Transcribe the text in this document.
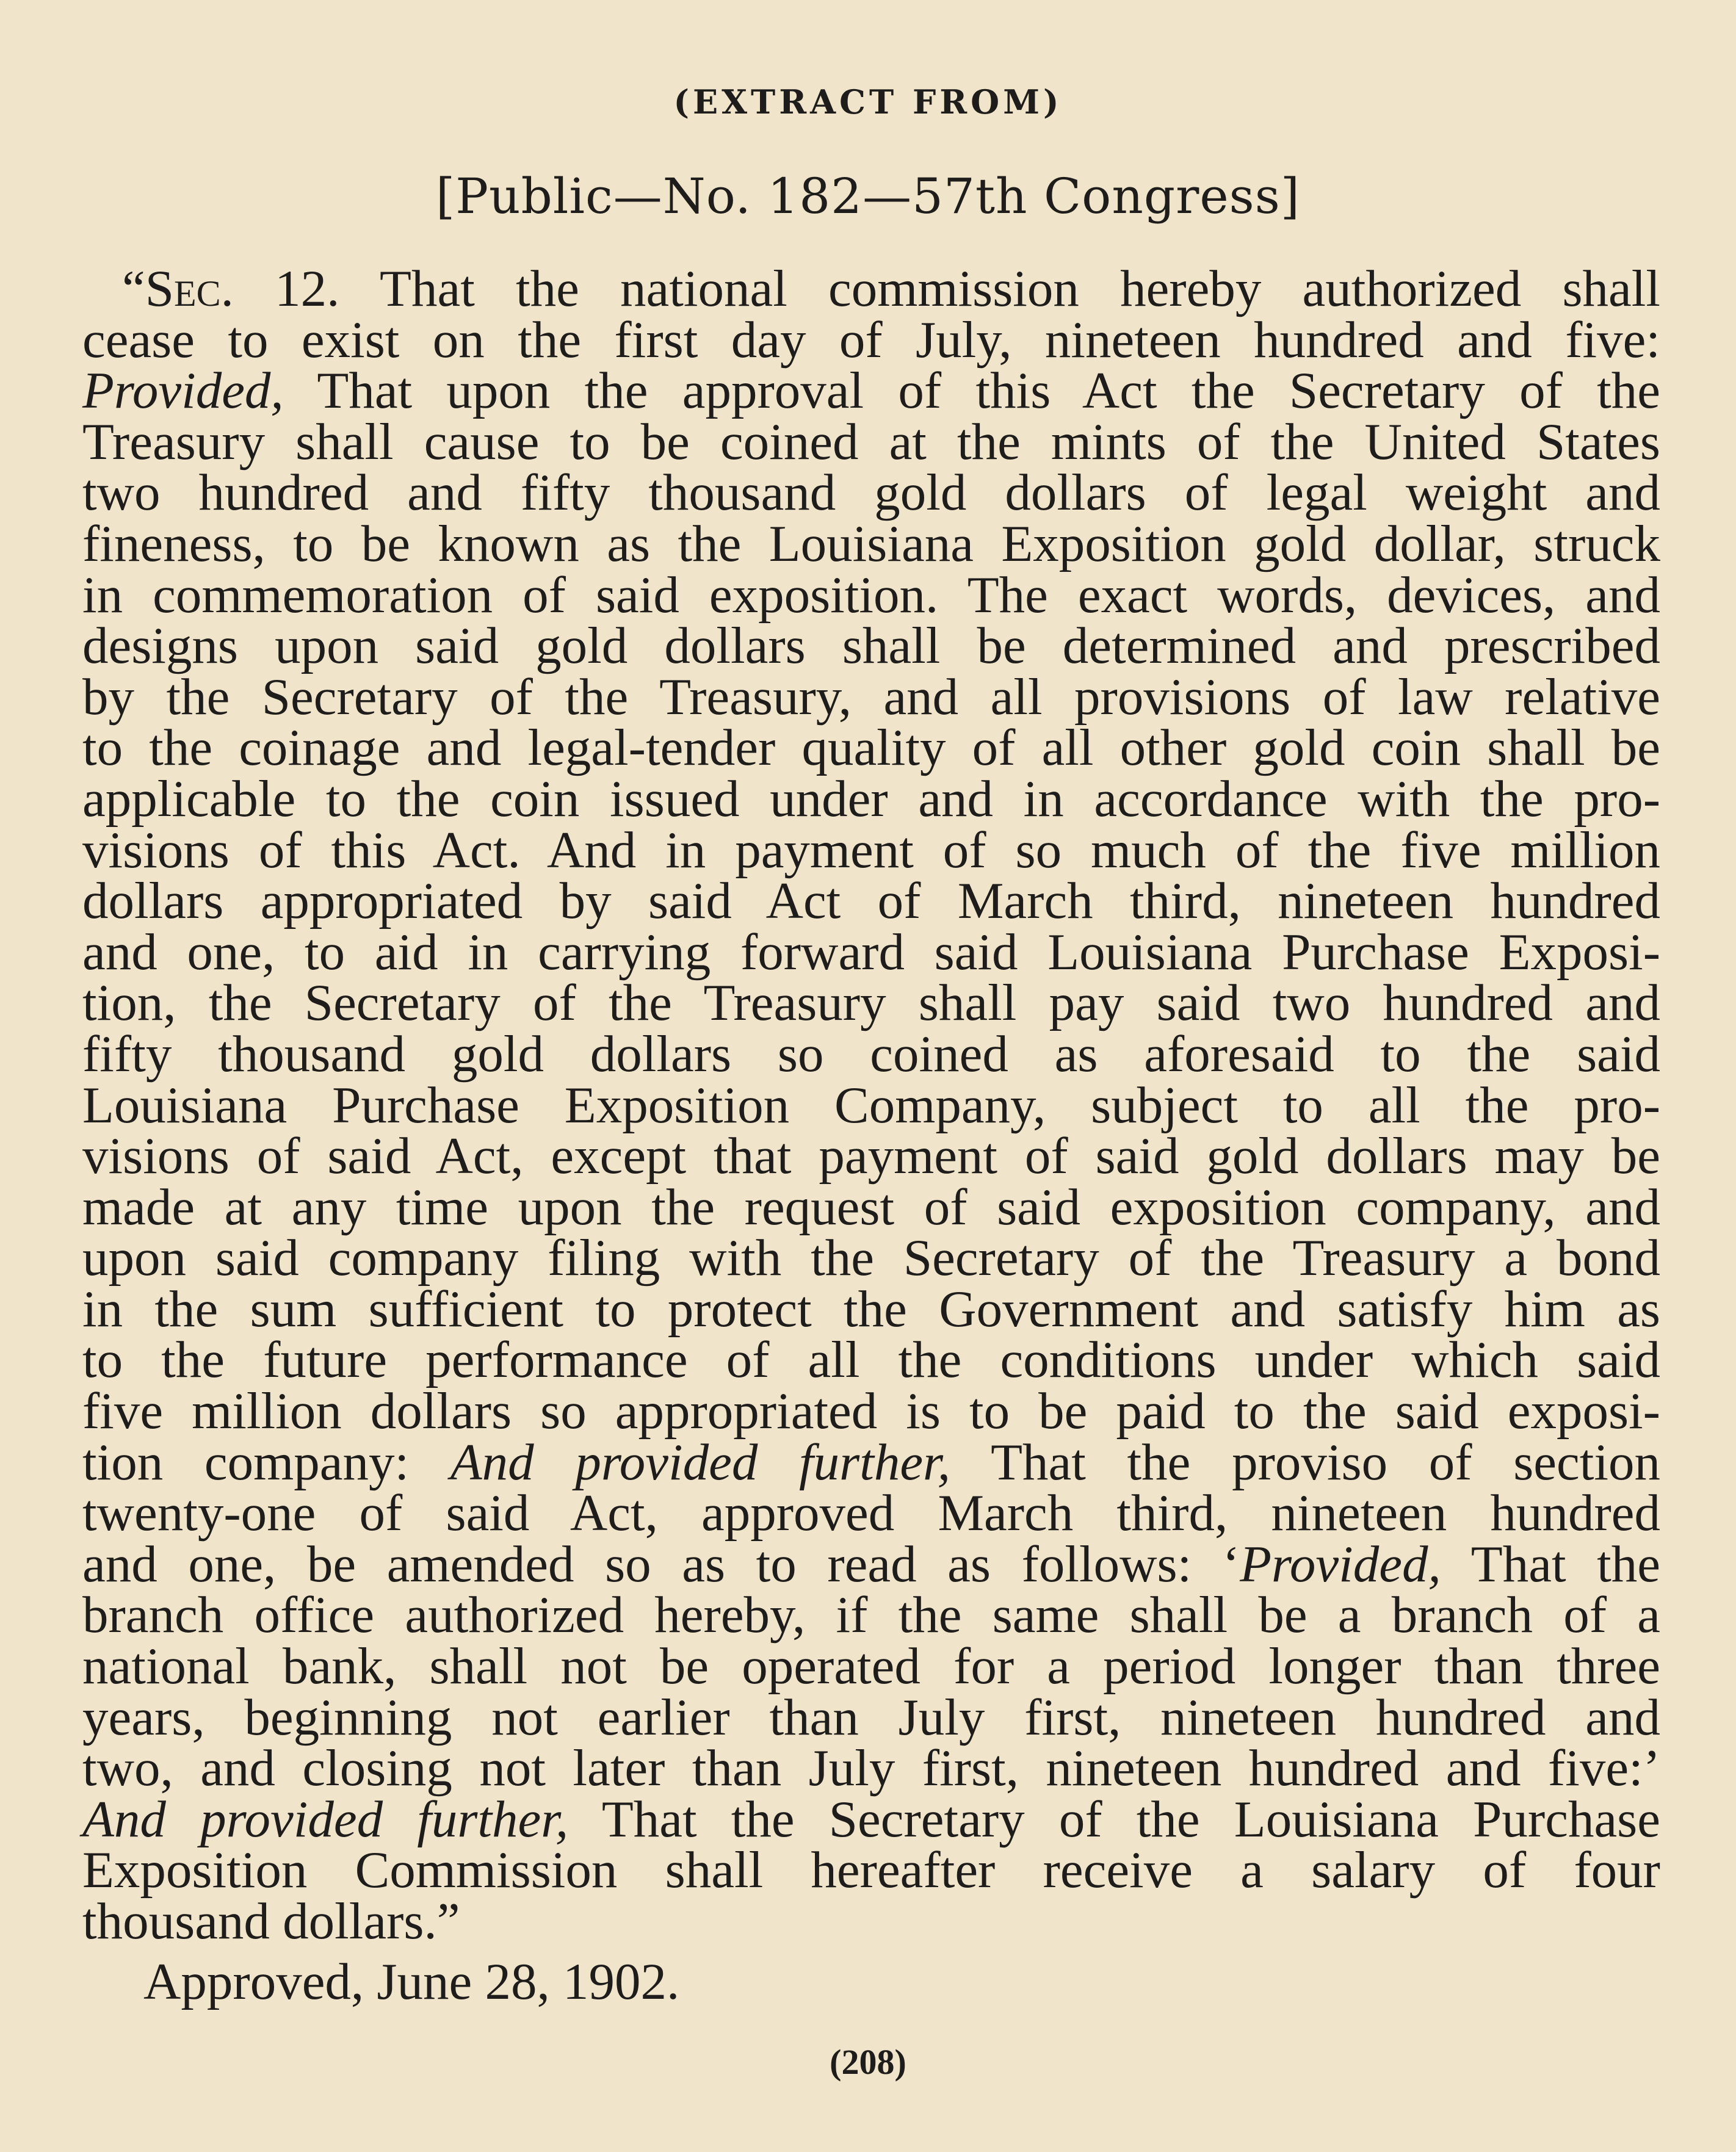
(EXTRACT FROM)
[Public—No. 182—57th Congress]
“Sec. 12. That the national commission hereby authorized shall
cease to exist on the first day of July, nineteen hundred and five:
Provided, That upon the approval of this Act the Secretary of the
Treasury shall cause to be coined at the mints of the United States
two hundred and fifty thousand gold dollars of legal weight and
fineness, to be known as the Louisiana Exposition gold dollar, struck
in commemoration of said exposition. The exact words, devices, and
designs upon said gold dollars shall be determined and prescribed
by the Secretary of the Treasury, and all provisions of law relative
to the coinage and legal-tender quality of all other gold coin shall be
applicable to the coin issued under and in accordance with the pro-
visions of this Act. And in payment of so much of the five million
dollars appropriated by said Act of March third, nineteen hundred
and one, to aid in carrying forward said Louisiana Purchase Exposi-
tion, the Secretary of the Treasury shall pay said two hundred and
fifty thousand gold dollars so coined as aforesaid to the said
Louisiana Purchase Exposition Company, subject to all the pro-
visions of said Act, except that payment of said gold dollars may be
made at any time upon the request of said exposition company, and
upon said company filing with the Secretary of the Treasury a bond
in the sum sufficient to protect the Government and satisfy him as
to the future performance of all the conditions under which said
five million dollars so appropriated is to be paid to the said exposi-
tion company: And provided further, That the proviso of section
twenty-one of said Act, approved March third, nineteen hundred
and one, be amended so as to read as follows: ‘Provided, That the
branch office authorized hereby, if the same shall be a branch of a
national bank, shall not be operated for a period longer than three
years, beginning not earlier than July first, nineteen hundred and
two, and closing not later than July first, nineteen hundred and five:’
And provided further, That the Secretary of the Louisiana Purchase
Exposition Commission shall hereafter receive a salary of four
thousand dollars.”
Approved, June 28, 1902.
(208)
